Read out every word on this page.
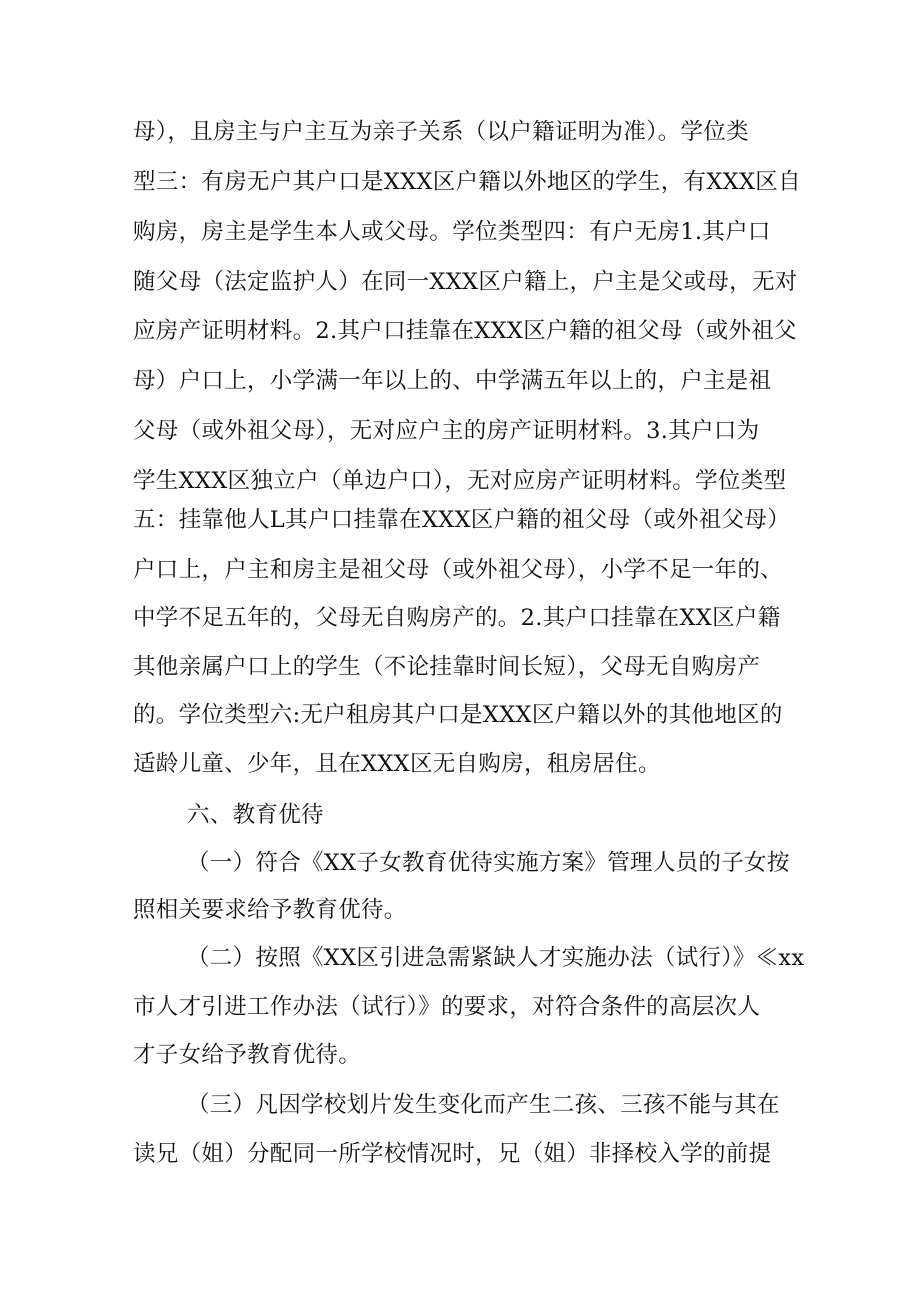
母），且房主与户主互为亲子关系（以户籍证明为准）。学位类
型三：有房无户其户口是XXX区户籍以外地区的学生，有XXX区自
购房，房主是学生本人或父母。学位类型四：有户无房1.其户口
随父母（法定监护人）在同一XXX区户籍上，户主是父或母，无对
应房产证明材料。2.其户口挂靠在XXX区户籍的祖父母（或外祖父
母）户口上，小学满一年以上的、中学满五年以上的，户主是祖
父母（或外祖父母），无对应户主的房产证明材料。3.其户口为
学生XXX区独立户（单边户口），无对应房产证明材料。学位类型
五：挂靠他人L其户口挂靠在XXX区户籍的祖父母（或外祖父母）
户口上，户主和房主是祖父母（或外祖父母），小学不足一年的、
中学不足五年的，父母无自购房产的。2.其户口挂靠在XX区户籍
其他亲属户口上的学生（不论挂靠时间长短），父母无自购房产
的。学位类型六:无户租房其户口是XXX区户籍以外的其他地区的
适龄儿童、少年，且在XXX区无自购房，租房居住。
六、教育优待
（一）符合《XX子女教育优待实施方案》管理人员的子女按
照相关要求给予教育优待。
（二）按照《XX区引进急需紧缺人才实施办法（试行）》≪xx
市人才引进工作办法（试行）》的要求，对符合条件的高层次人
才子女给予教育优待。
（三）凡因学校划片发生变化而产生二孩、三孩不能与其在
读兄（姐）分配同一所学校情况时，兄（姐）非择校入学的前提
